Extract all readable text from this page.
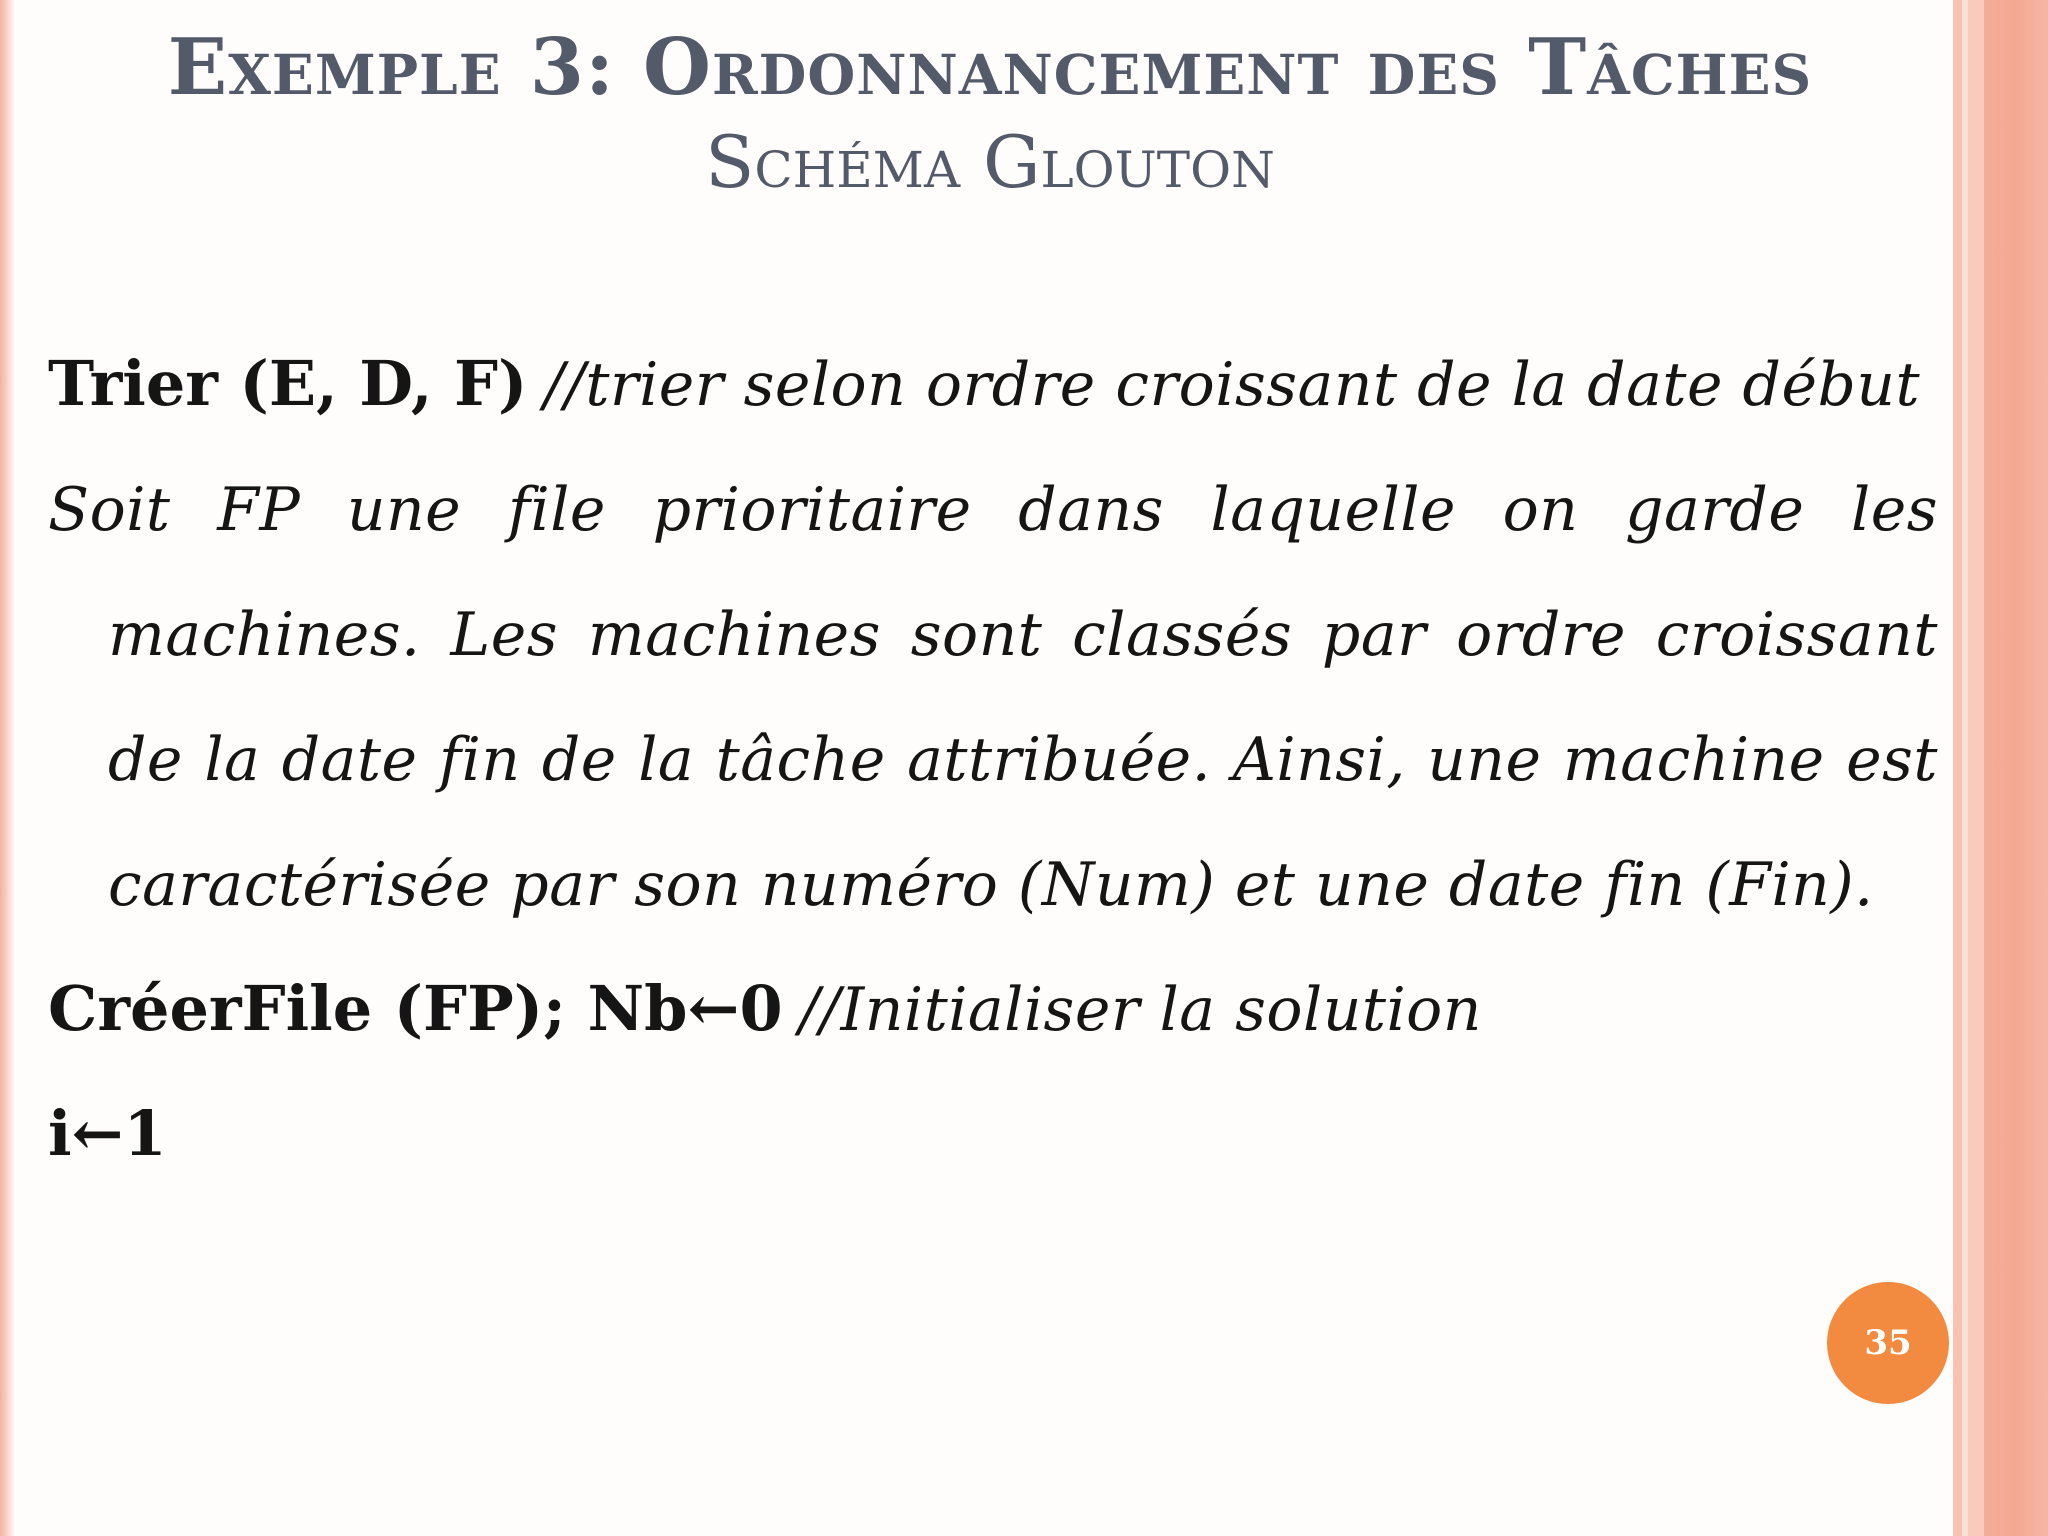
Exemple 3: Ordonnancement des Tâches
Schéma Glouton

Trier (E, D, F) //trier selon ordre croissant de la date début

Soit FP une file prioritaire dans laquelle on garde les machines. Les machines sont classés par ordre croissant de la date fin de la tâche attribuée. Ainsi, une machine est caractérisée par son numéro (Num) et une date fin (Fin).

CréerFile (FP); Nb←0 //Initialiser la solution

i←1

35
